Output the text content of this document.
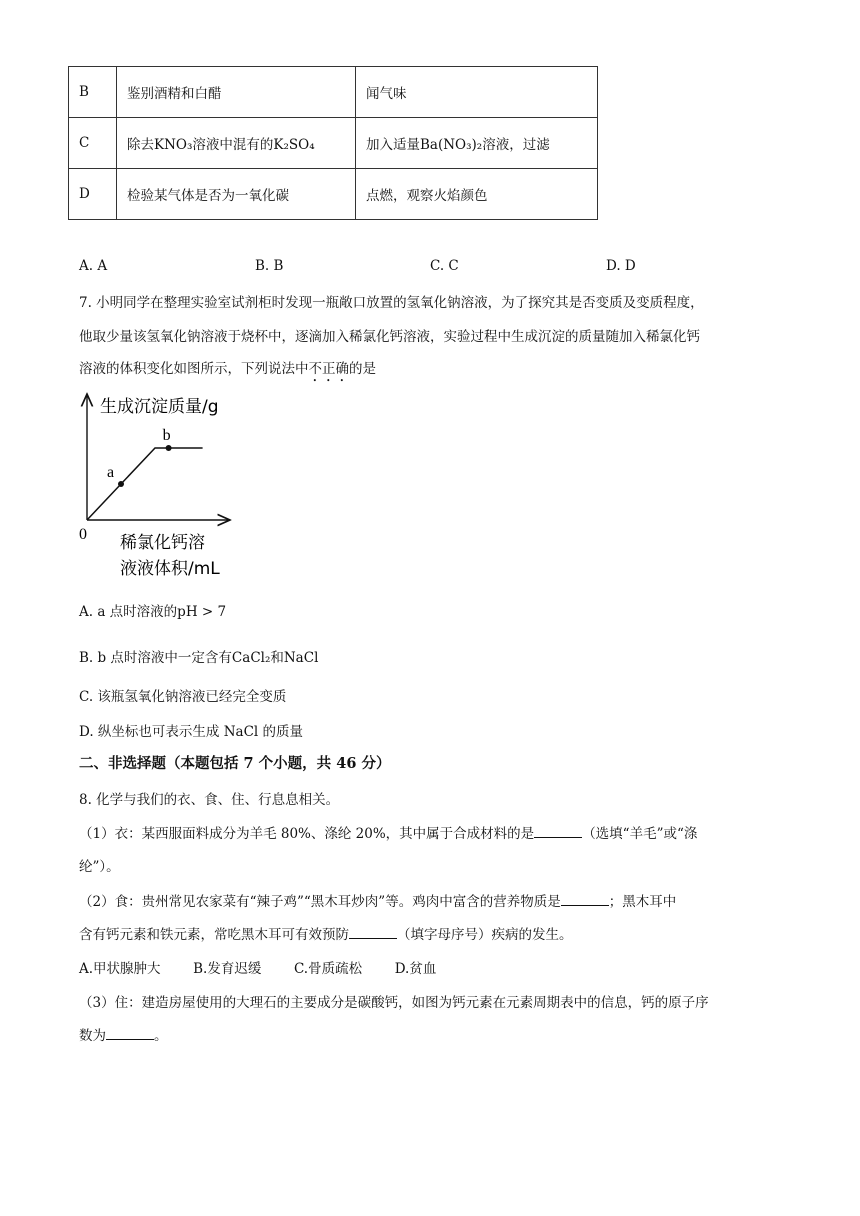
B	鉴别酒精和白醋	闻气味
C	除去KNO₃溶液中混有的K₂SO₄	加入适量Ba(NO₃)₂溶液，过滤
D	检验某气体是否为一氧化碳	点燃，观察火焰颜色
A. A	B. B	C. C	D. D
7. 小明同学在整理实验室试剂柜时发现一瓶敞口放置的氢氧化钠溶液，为了探究其是否变质及变质程度，
他取少量该氢氧化钠溶液于烧杯中，逐滴加入稀氯化钙溶液，实验过程中生成沉淀的质量随加入稀氯化钙
溶液的体积变化如图所示，下列说法中不正确的是
a
b
生成沉淀质量/g
0 稀氯化钙溶
液液体积/mL
A. a 点时溶液的pH > 7
B. b 点时溶液中一定含有CaCl₂和NaCl
C. 该瓶氢氧化钠溶液已经完全变质
D. 纵坐标也可表示生成 NaCl 的质量
二、非选择题（本题包括 7 个小题，共 46 分）
8. 化学与我们的衣、食、住、行息息相关。
（1）衣：某西服面料成分为羊毛 80%、涤纶 20%，其中属于合成材料的是	（选填“羊毛”或“涤
纶”）。
（2）食：贵州常见农家菜有“辣子鸡”“黑木耳炒肉”等。鸡肉中富含的营养物质是	；黑木耳中
含有钙元素和铁元素，常吃黑木耳可有效预防	（填字母序号）疾病的发生。
A.甲状腺肿大 B.发育迟缓 C.骨质疏松 D.贫血
（3）住：建造房屋使用的大理石的主要成分是碳酸钙，如图为钙元素在元素周期表中的信息，钙的原子序
数为	。
